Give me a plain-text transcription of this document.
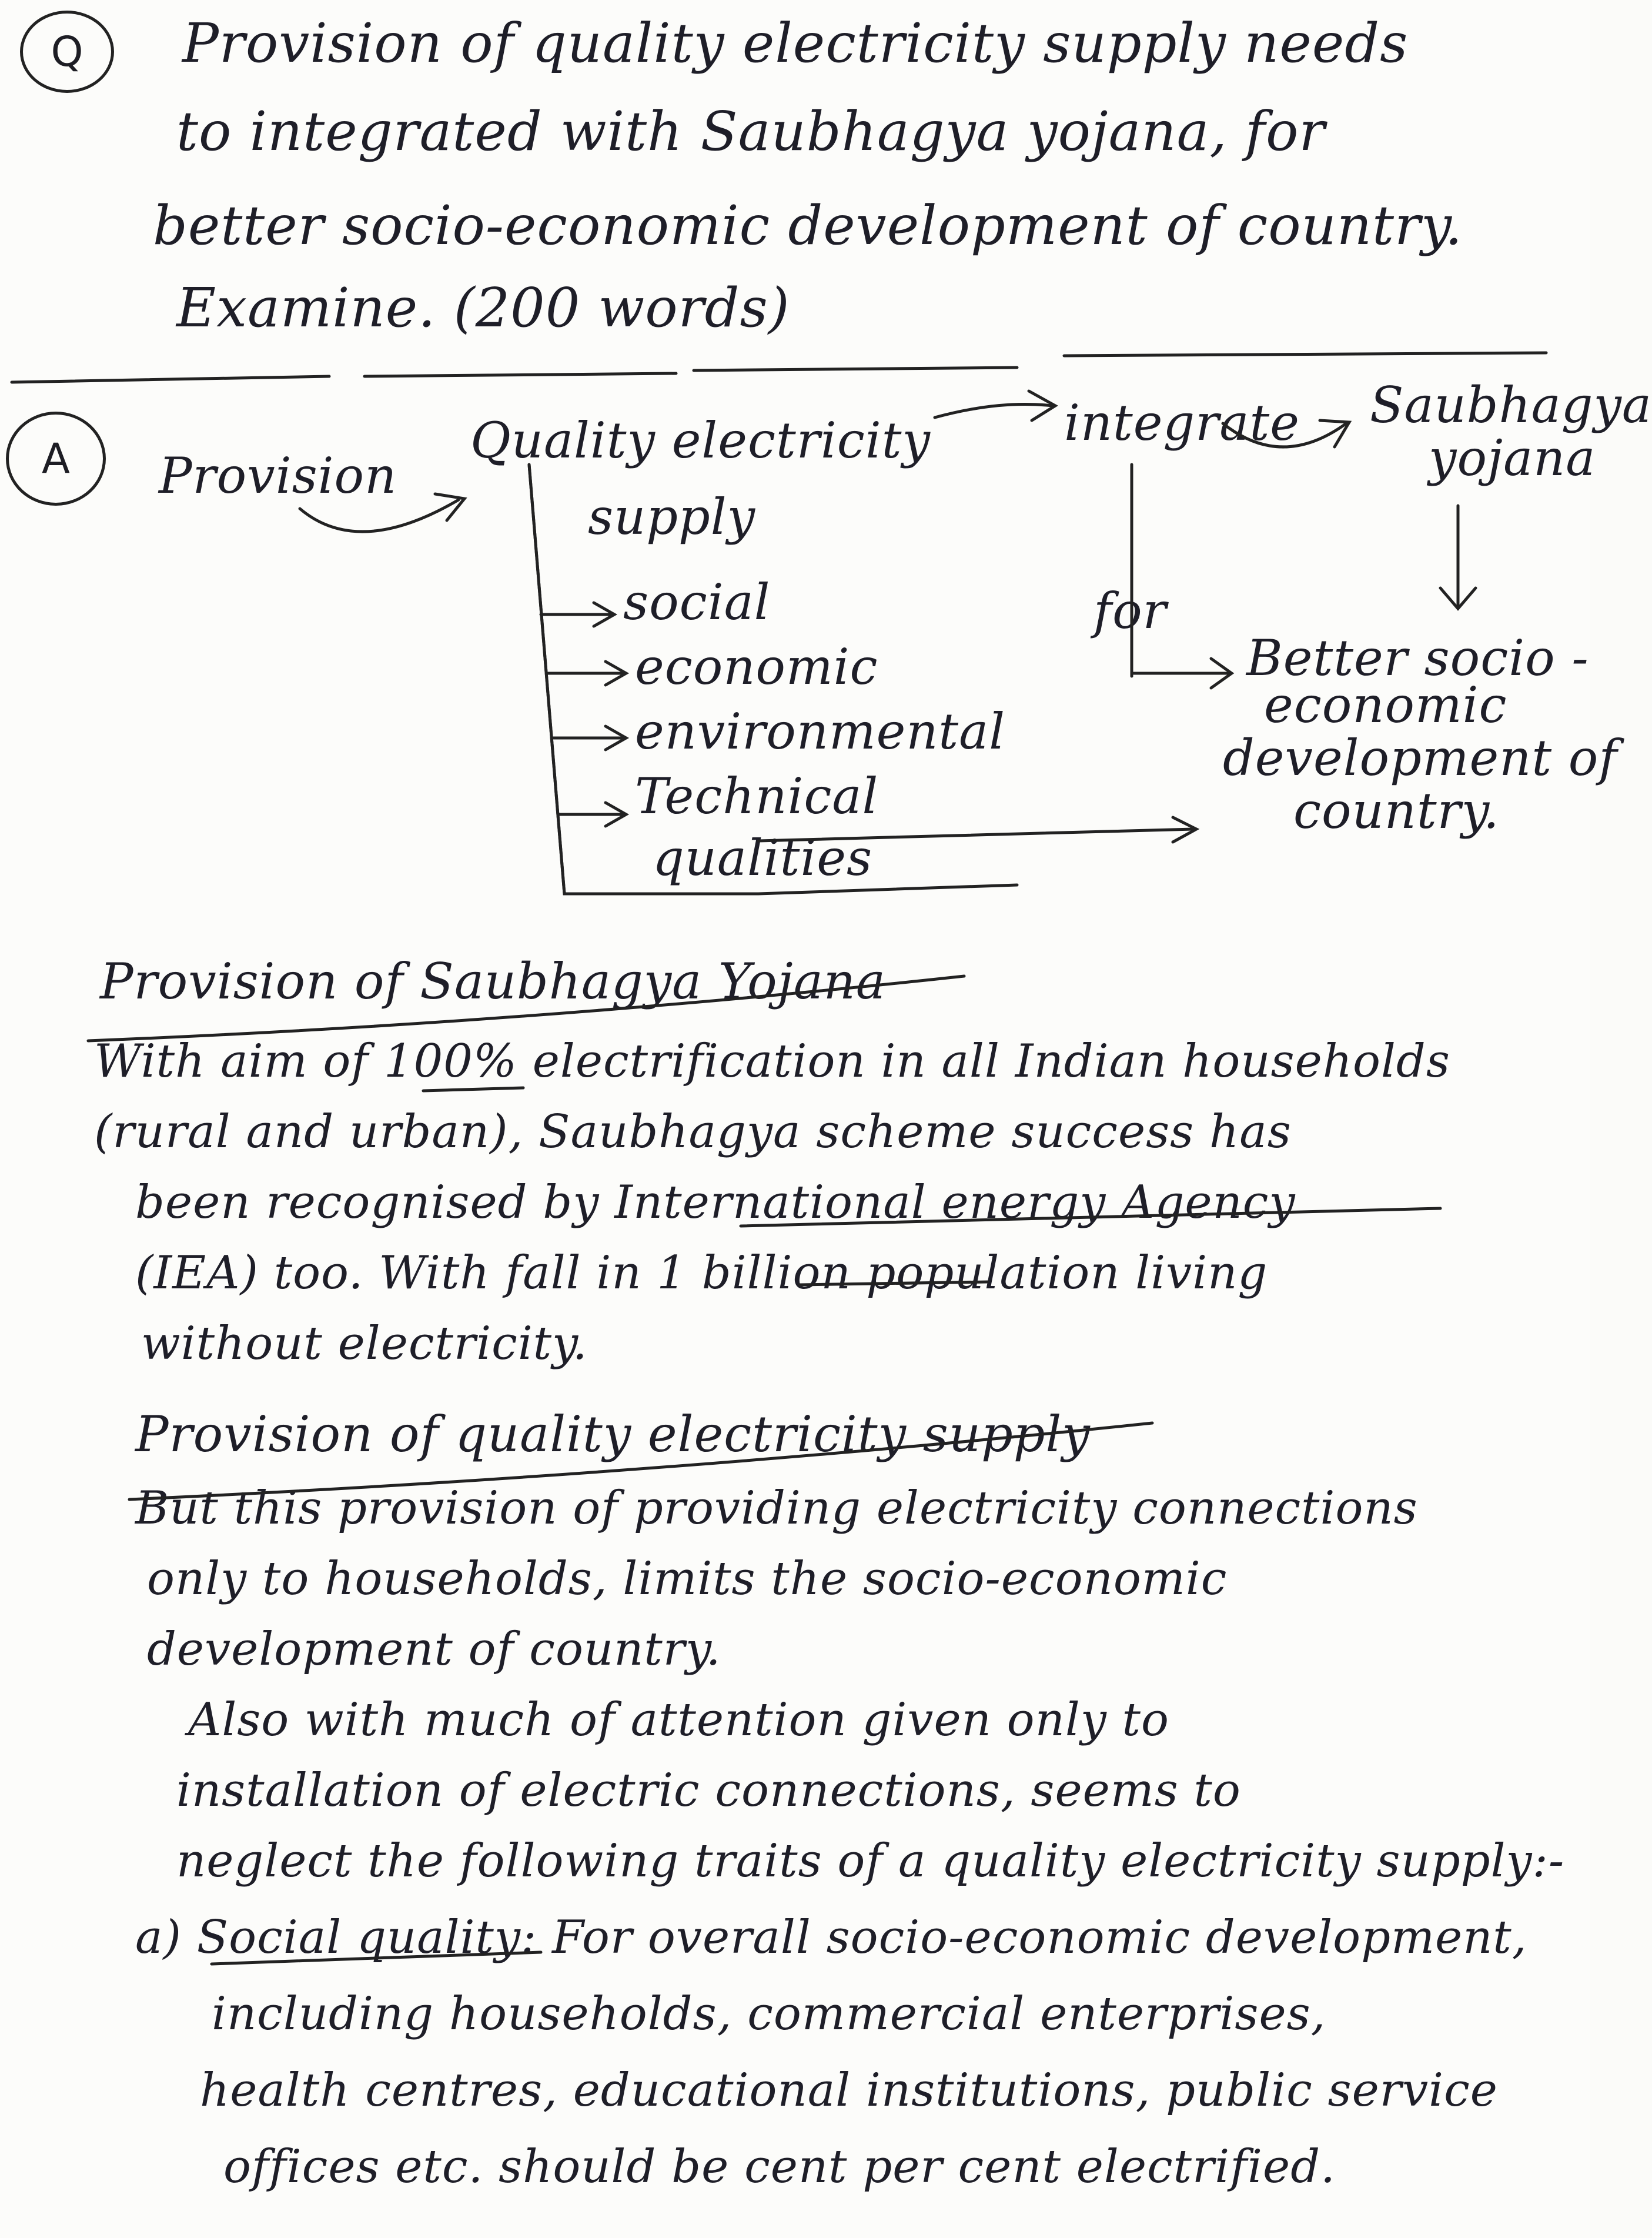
Q Provision of quality electricity supply needs
to integrated with Saubhagya yojana, for
better socio-economic development of country.
Examine. (200 words)
A Provision
Quality electricity
supply
integrate Saubhagya
yojana
social
economic
environmental
Technical
qualities
for
Better socio -
economic
development of
country.
Provision of Saubhagya Yojana
With aim of 100% electrification in all Indian households
(rural and urban), Saubhagya scheme success has
been recognised by International energy Agency
(IEA) too. With fall in 1 billion population living
without electricity.
Provision of quality electricity supply
But this provision of providing electricity connections
only to households, limits the socio-economic
development of country.
Also with much of attention given only to
installation of electric connections, seems to
neglect the following traits of a quality electricity supply:-
a) Social quality: For overall socio-economic development,
including households, commercial enterprises,
health centres, educational institutions, public service
offices etc. should be cent per cent electrified.
